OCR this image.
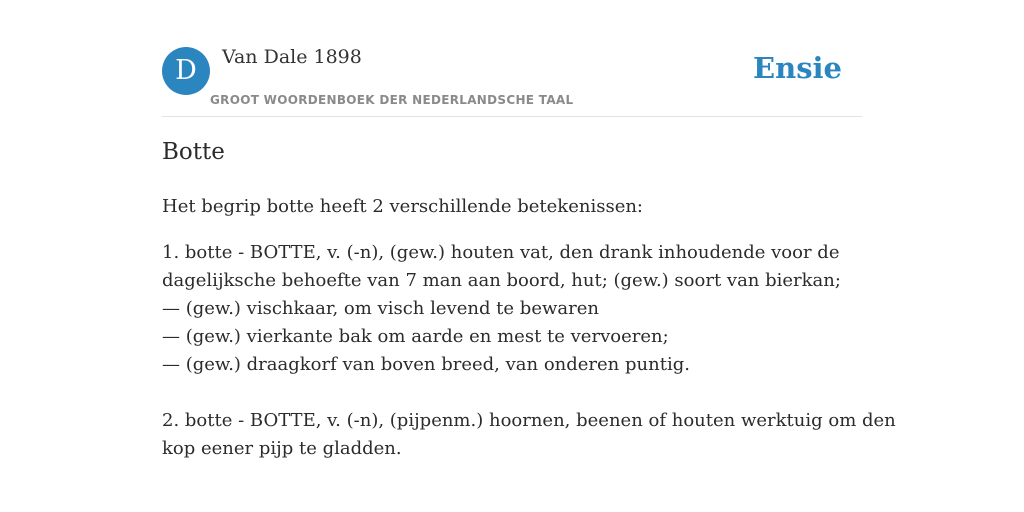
D	Van Dale 1898
GROOT WOORDENBOEK DER NEDERLANDSCHE TAAL
Ensie
Botte

Het begrip botte heeft 2 verschillende betekenissen:

1. botte - BOTTE, v. (-n), (gew.) houten vat, den drank inhoudende voor de
dagelijksche behoefte van 7 man aan boord, hut; (gew.) soort van bierkan;
— (gew.) vischkaar, om visch levend te bewaren
— (gew.) vierkante bak om aarde en mest te vervoeren;
— (gew.) draagkorf van boven breed, van onderen puntig.
2. botte - BOTTE, v. (-n), (pijpenm.) hoornen, beenen of houten werktuig om den
kop eener pijp te gladden.
